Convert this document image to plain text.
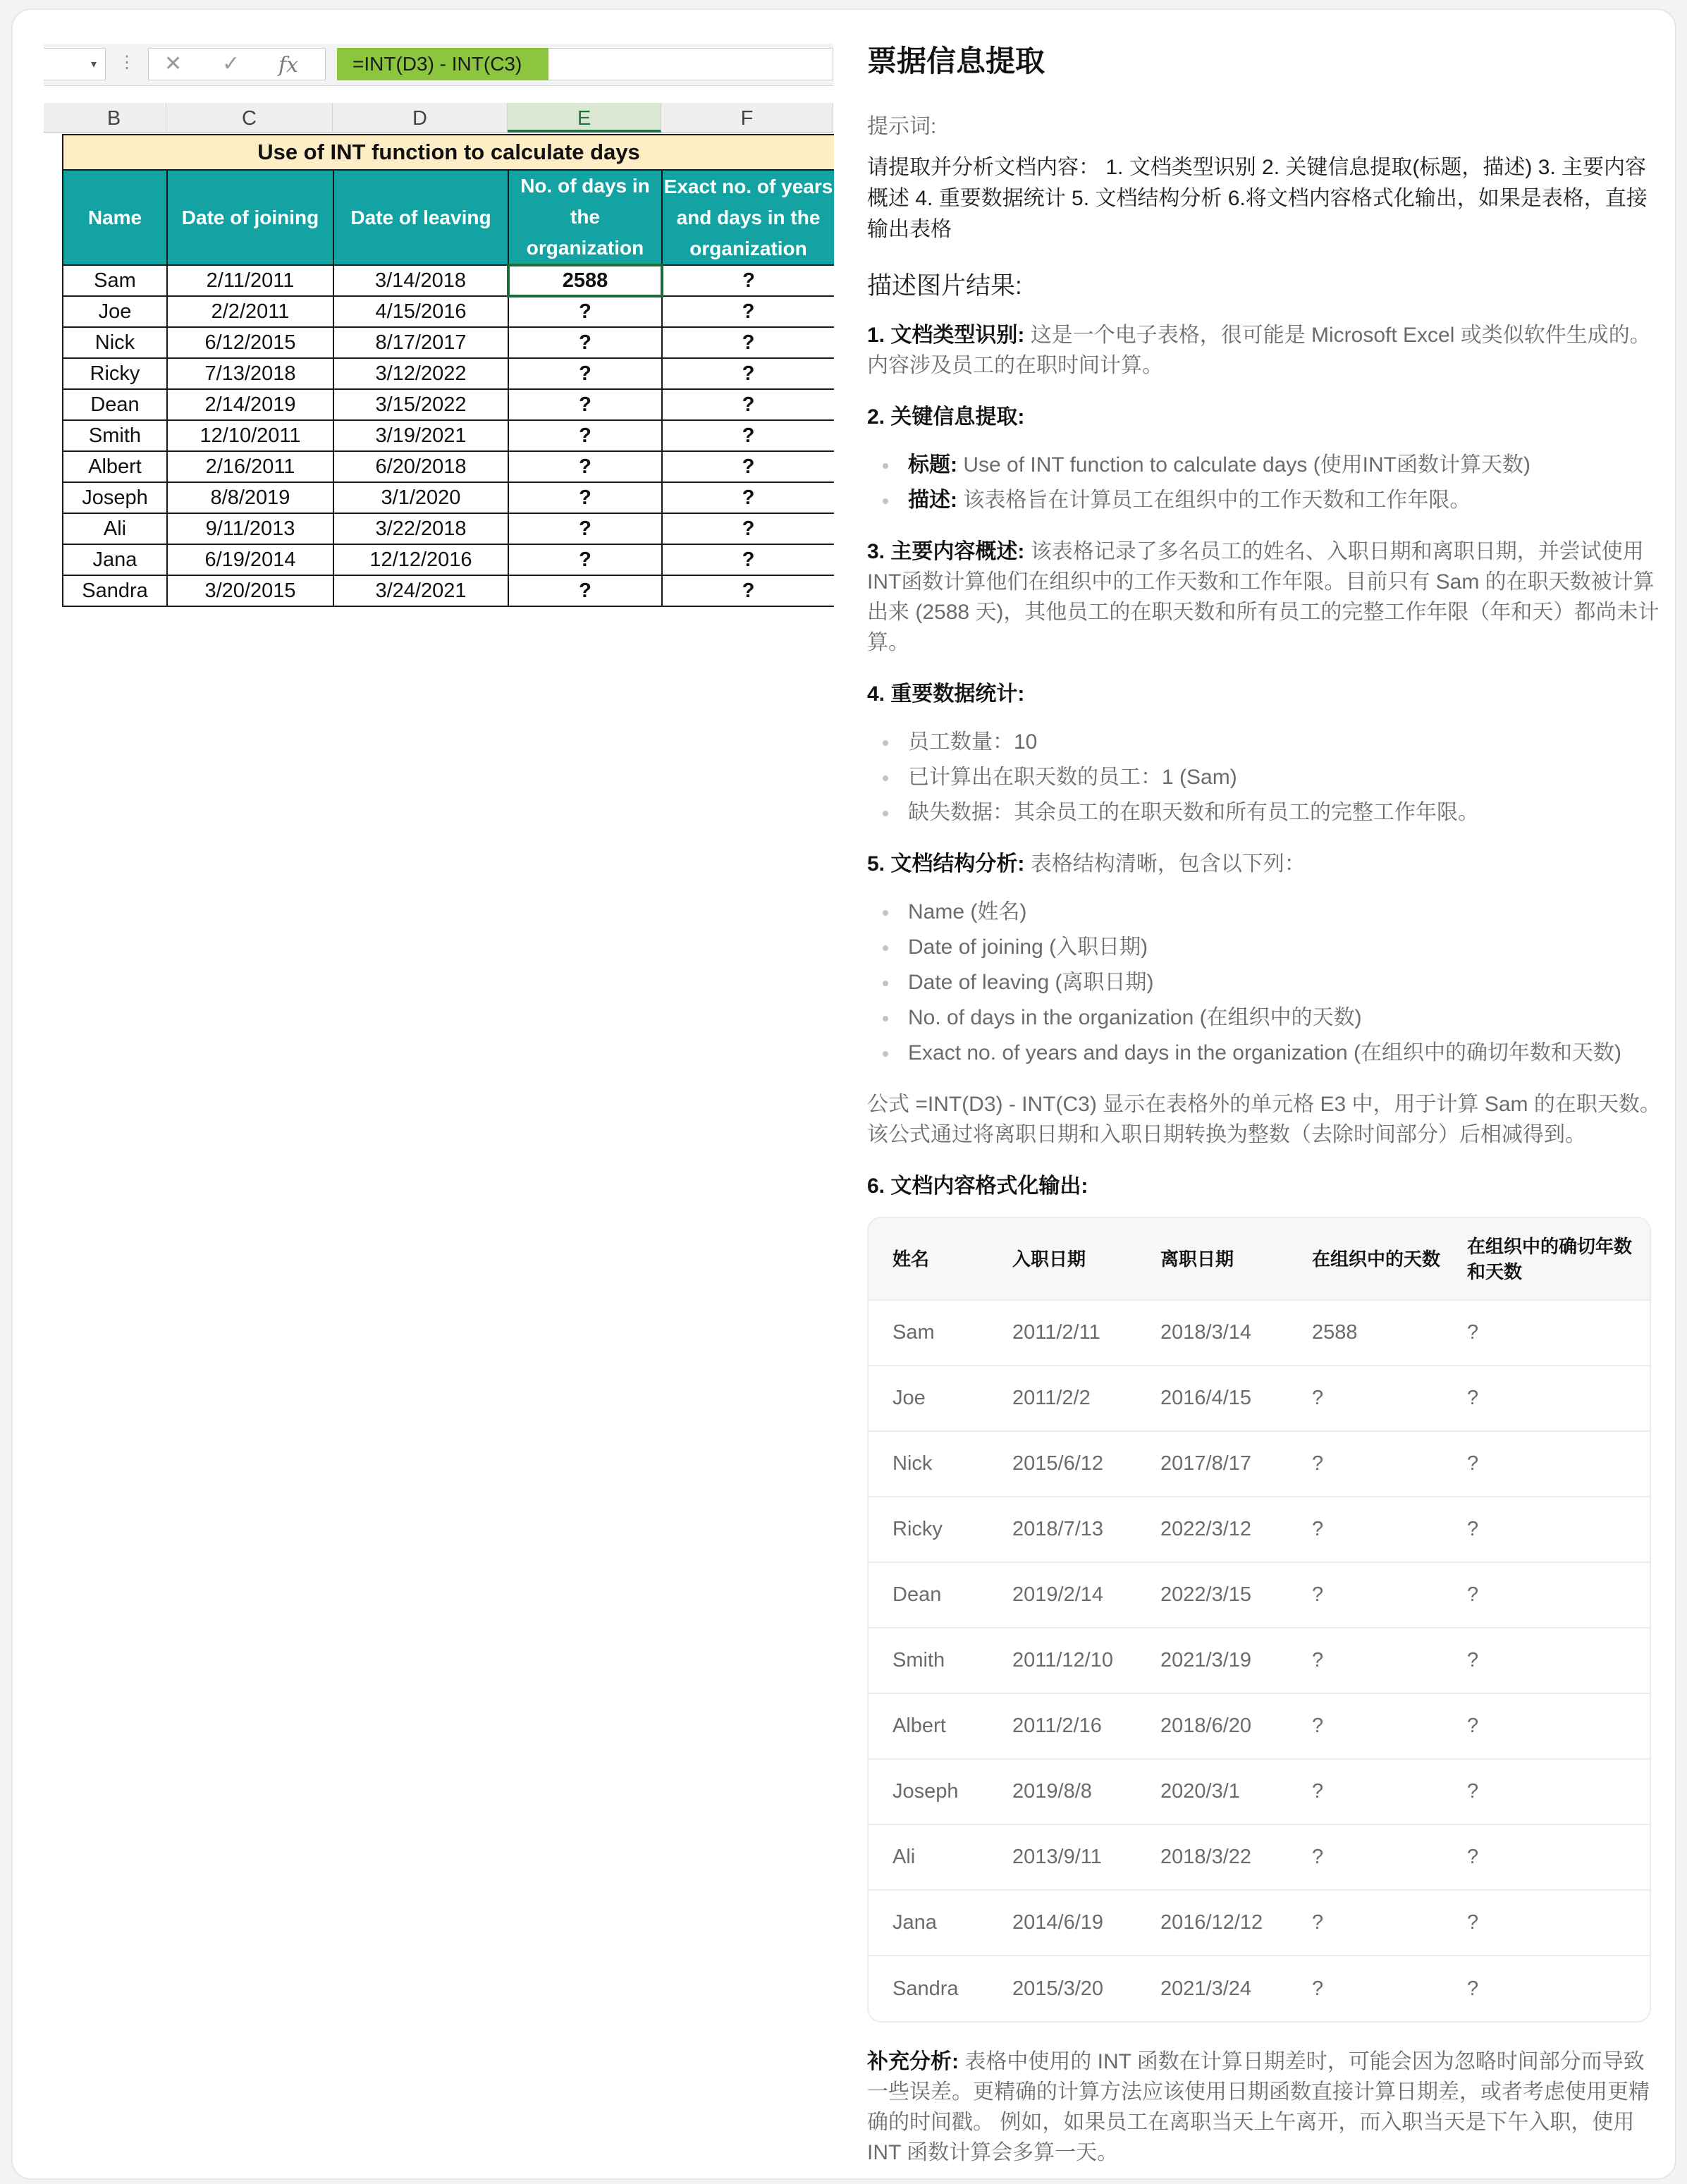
▾ ⋮ ✕ ✓ fx	=INT(D3) - INT(C3)
B	C	D	E	F
Use of INT function to calculate days				
Name	Date of joining	Date of leaving	No. of days in the organization	Exact no. of years and days in the organization
Sam	2/11/2011	3/14/2018	2588	?
Joe	2/2/2011	4/15/2016	?	?
Nick	6/12/2015	8/17/2017	?	?
Ricky	7/13/2018	3/12/2022	?	?
Dean	2/14/2019	3/15/2022	?	?
Smith	12/10/2011	3/19/2021	?	?
Albert	2/16/2011	6/20/2018	?	?
Joseph	8/8/2019	3/1/2020	?	?
Ali	9/11/2013	3/22/2018	?	?
Jana	6/19/2014	12/12/2016	?	?
Sandra	3/20/2015	3/24/2021	?	?
票据信息提取
提示词:
请提取并分析文档内容： 1. 文档类型识别 2. 关键信息提取(标题，描述) 3. 主要内容概述 4. 重要数据统计 5. 文档结构分析 6.将文档内容格式化输出，如果是表格，直接输出表格
描述图片结果:
1. 文档类型识别: 这是一个电子表格，很可能是 Microsoft Excel 或类似软件生成的。内容涉及员工的在职时间计算。
2. 关键信息提取:
标题: Use of INT function to calculate days (使用INT函数计算天数)
描述: 该表格旨在计算员工在组织中的工作天数和工作年限。
3. 主要内容概述: 该表格记录了多名员工的姓名、入职日期和离职日期，并尝试使用INT函数计算他们在组织中的工作天数和工作年限。目前只有 Sam 的在职天数被计算出来 (2588 天)，其他员工的在职天数和所有员工的完整工作年限（年和天）都尚未计算。
4. 重要数据统计:
员工数量：10
已计算出在职天数的员工：1 (Sam)
缺失数据：其余员工的在职天数和所有员工的完整工作年限。
5. 文档结构分析: 表格结构清晰，包含以下列：
Name (姓名)
Date of joining (入职日期)
Date of leaving (离职日期)
No. of days in the organization (在组织中的天数)
Exact no. of years and days in the organization (在组织中的确切年数和天数)
公式 =INT(D3) - INT(C3) 显示在表格外的单元格 E3 中，用于计算 Sam 的在职天数。 该公式通过将离职日期和入职日期转换为整数（去除时间部分）后相减得到。
6. 文档内容格式化输出:
姓名	入职日期	离职日期	在组织中的天数	在组织中的确切年数和天数
Sam	2011/2/11	2018/3/14	2588	?
Joe	2011/2/2	2016/4/15	?	?
Nick	2015/6/12	2017/8/17	?	?
Ricky	2018/7/13	2022/3/12	?	?
Dean	2019/2/14	2022/3/15	?	?
Smith	2011/12/10	2021/3/19	?	?
Albert	2011/2/16	2018/6/20	?	?
Joseph	2019/8/8	2020/3/1	?	?
Ali	2013/9/11	2018/3/22	?	?
Jana	2014/6/19	2016/12/12	?	?
Sandra	2015/3/20	2021/3/24	?	?
补充分析: 表格中使用的 INT 函数在计算日期差时，可能会因为忽略时间部分而导致一些误差。更精确的计算方法应该使用日期函数直接计算日期差，或者考虑使用更精确的时间戳。 例如，如果员工在离职当天上午离开，而入职当天是下午入职，使用 INT 函数计算会多算一天。
